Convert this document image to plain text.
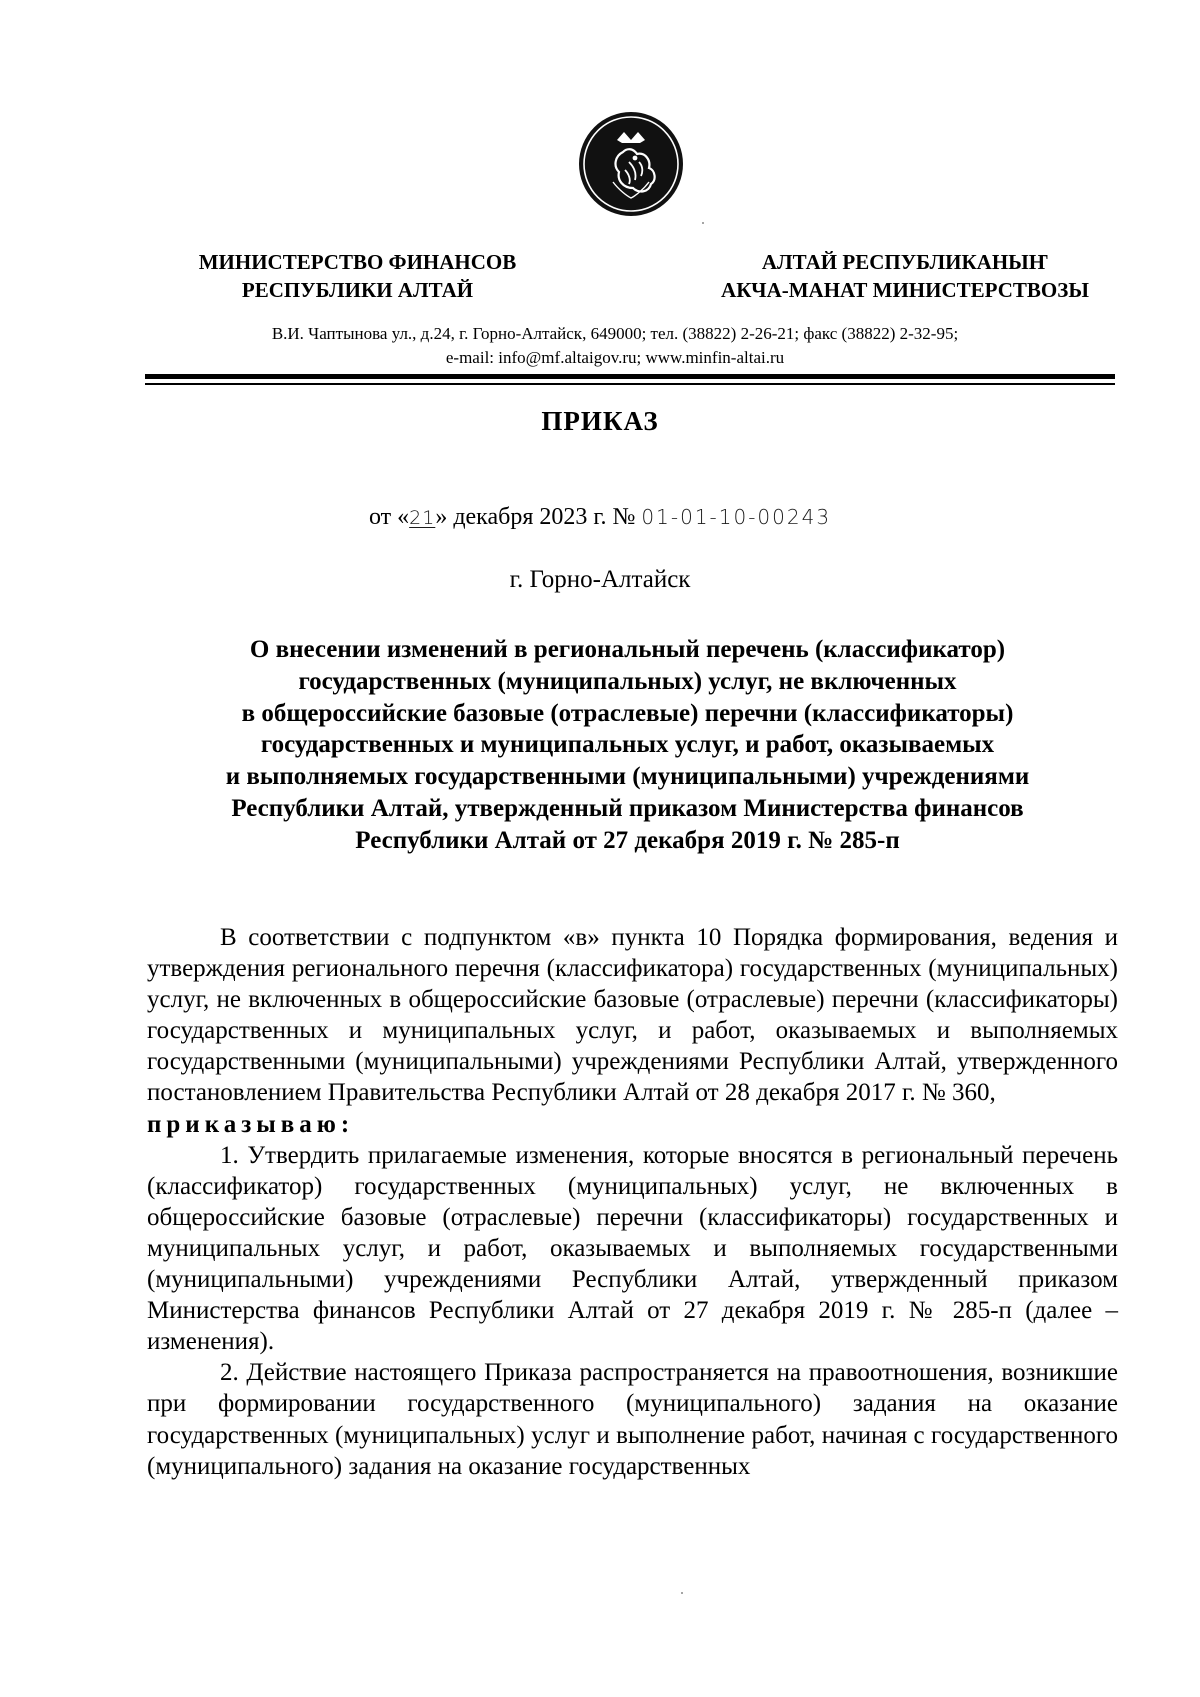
МИНИСТЕРСТВО ФИНАНСОВ
РЕСПУБЛИКИ АЛТАЙ
АЛТАЙ РЕСПУБЛИКАНЫҤ
АКЧА-МАНАТ МИНИСТЕРСТВОЗЫ
В.И. Чаптынова ул., д.24, г. Горно-Алтайск, 649000; тел. (38822) 2-26-21; факс (38822) 2-32-95;
e-mail: info@mf.altaigov.ru; www.minfin-altai.ru
ПРИКАЗ
от «21» декабря 2023 г. № 01-01-10-00243
г. Горно-Алтайск
О внесении изменений в региональный перечень (классификатор)
государственных (муниципальных) услуг, не включенных
в общероссийские базовые (отраслевые) перечни (классификаторы)
государственных и муниципальных услуг, и работ, оказываемых
и выполняемых государственными (муниципальными) учреждениями
Республики Алтай, утвержденный приказом Министерства финансов
Республики Алтай от 27 декабря 2019 г. № 285-п

В соответствии с подпунктом «в» пункта 10 Порядка формирования, ведения и утверждения регионального перечня (классификатора) государственных (муниципальных) услуг, не включенных в общероссийские базовые (отраслевые) перечни (классификаторы) государственных и муниципальных услуг, и работ, оказываемых и выполняемых государственными (муниципальными) учреждениями Республики Алтай, утвержденного постановлением Правительства Республики Алтай от 28 декабря 2017 г. № 360,

приказываю:

1. Утвердить прилагаемые изменения, которые вносятся в региональный перечень (классификатор) государственных (муниципальных) услуг, не включенных в общероссийские базовые (отраслевые) перечни (классификаторы) государственных и муниципальных услуг, и работ, оказываемых и выполняемых государственными (муниципальными) учреждениями Республики Алтай, утвержденный приказом Министерства финансов Республики Алтай от 27 декабря 2019 г. № 285-п (далее – изменения).

2. Действие настоящего Приказа распространяется на правоотношения, возникшие при формировании государственного (муниципального) задания на оказание государственных (муниципальных) услуг и выполнение работ, начиная с государственного (муниципального) задания на оказание государственных
